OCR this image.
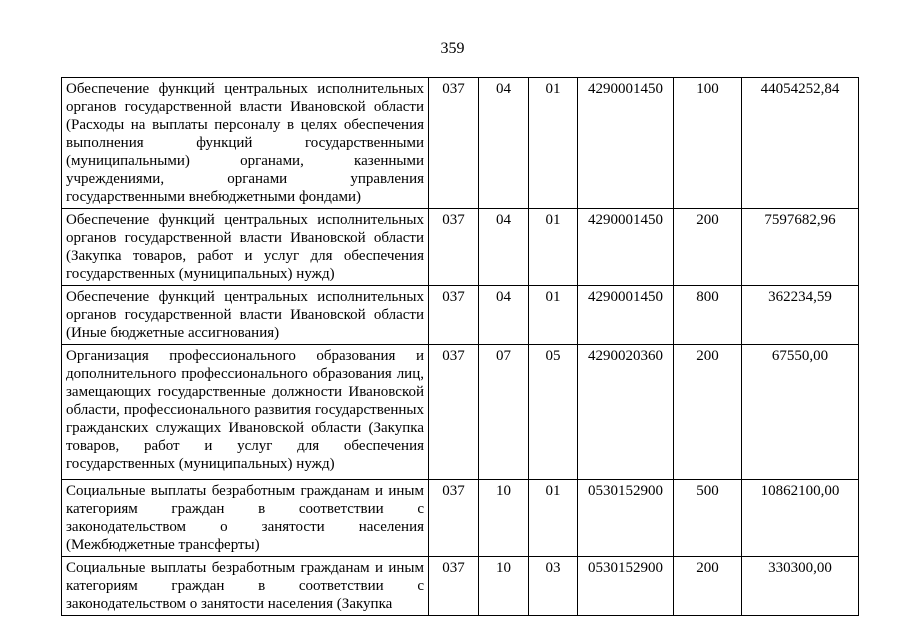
359
Обеспечение функций центральных исполнительных органов государственной власти Ивановской области (Расходы на выплаты персоналу в целях обеспечения выполнения функций государственными (муниципальными) органами, казенными учреждениями, органами управления государственными внебюджетными фондами)	037	04	01	4290001450	100	44054252,84
Обеспечение функций центральных исполнительных органов государственной власти Ивановской области (Закупка товаров, работ и услуг для обеспечения государственных (муниципальных) нужд)	037	04	01	4290001450	200	7597682,96
Обеспечение функций центральных исполнительных органов государственной власти Ивановской области (Иные бюджетные ассигнования)	037	04	01	4290001450	800	362234,59
Организация профессионального образования и дополнительного профессионального образования лиц, замещающих государственные должности Ивановской области, профессионального развития государственных гражданских служащих Ивановской области (Закупка товаров, работ и услуг для обеспечения государственных (муниципальных) нужд)	037	07	05	4290020360	200	67550,00
Социальные выплаты безработным гражданам и иным категориям граждан в соответствии с законодательством о занятости населения (Межбюджетные трансферты)	037	10	01	0530152900	500	10862100,00
Социальные выплаты безработным гражданам и иным категориям граждан в соответствии с законодательством о занятости населения (Закупка	037	10	03	0530152900	200	330300,00
